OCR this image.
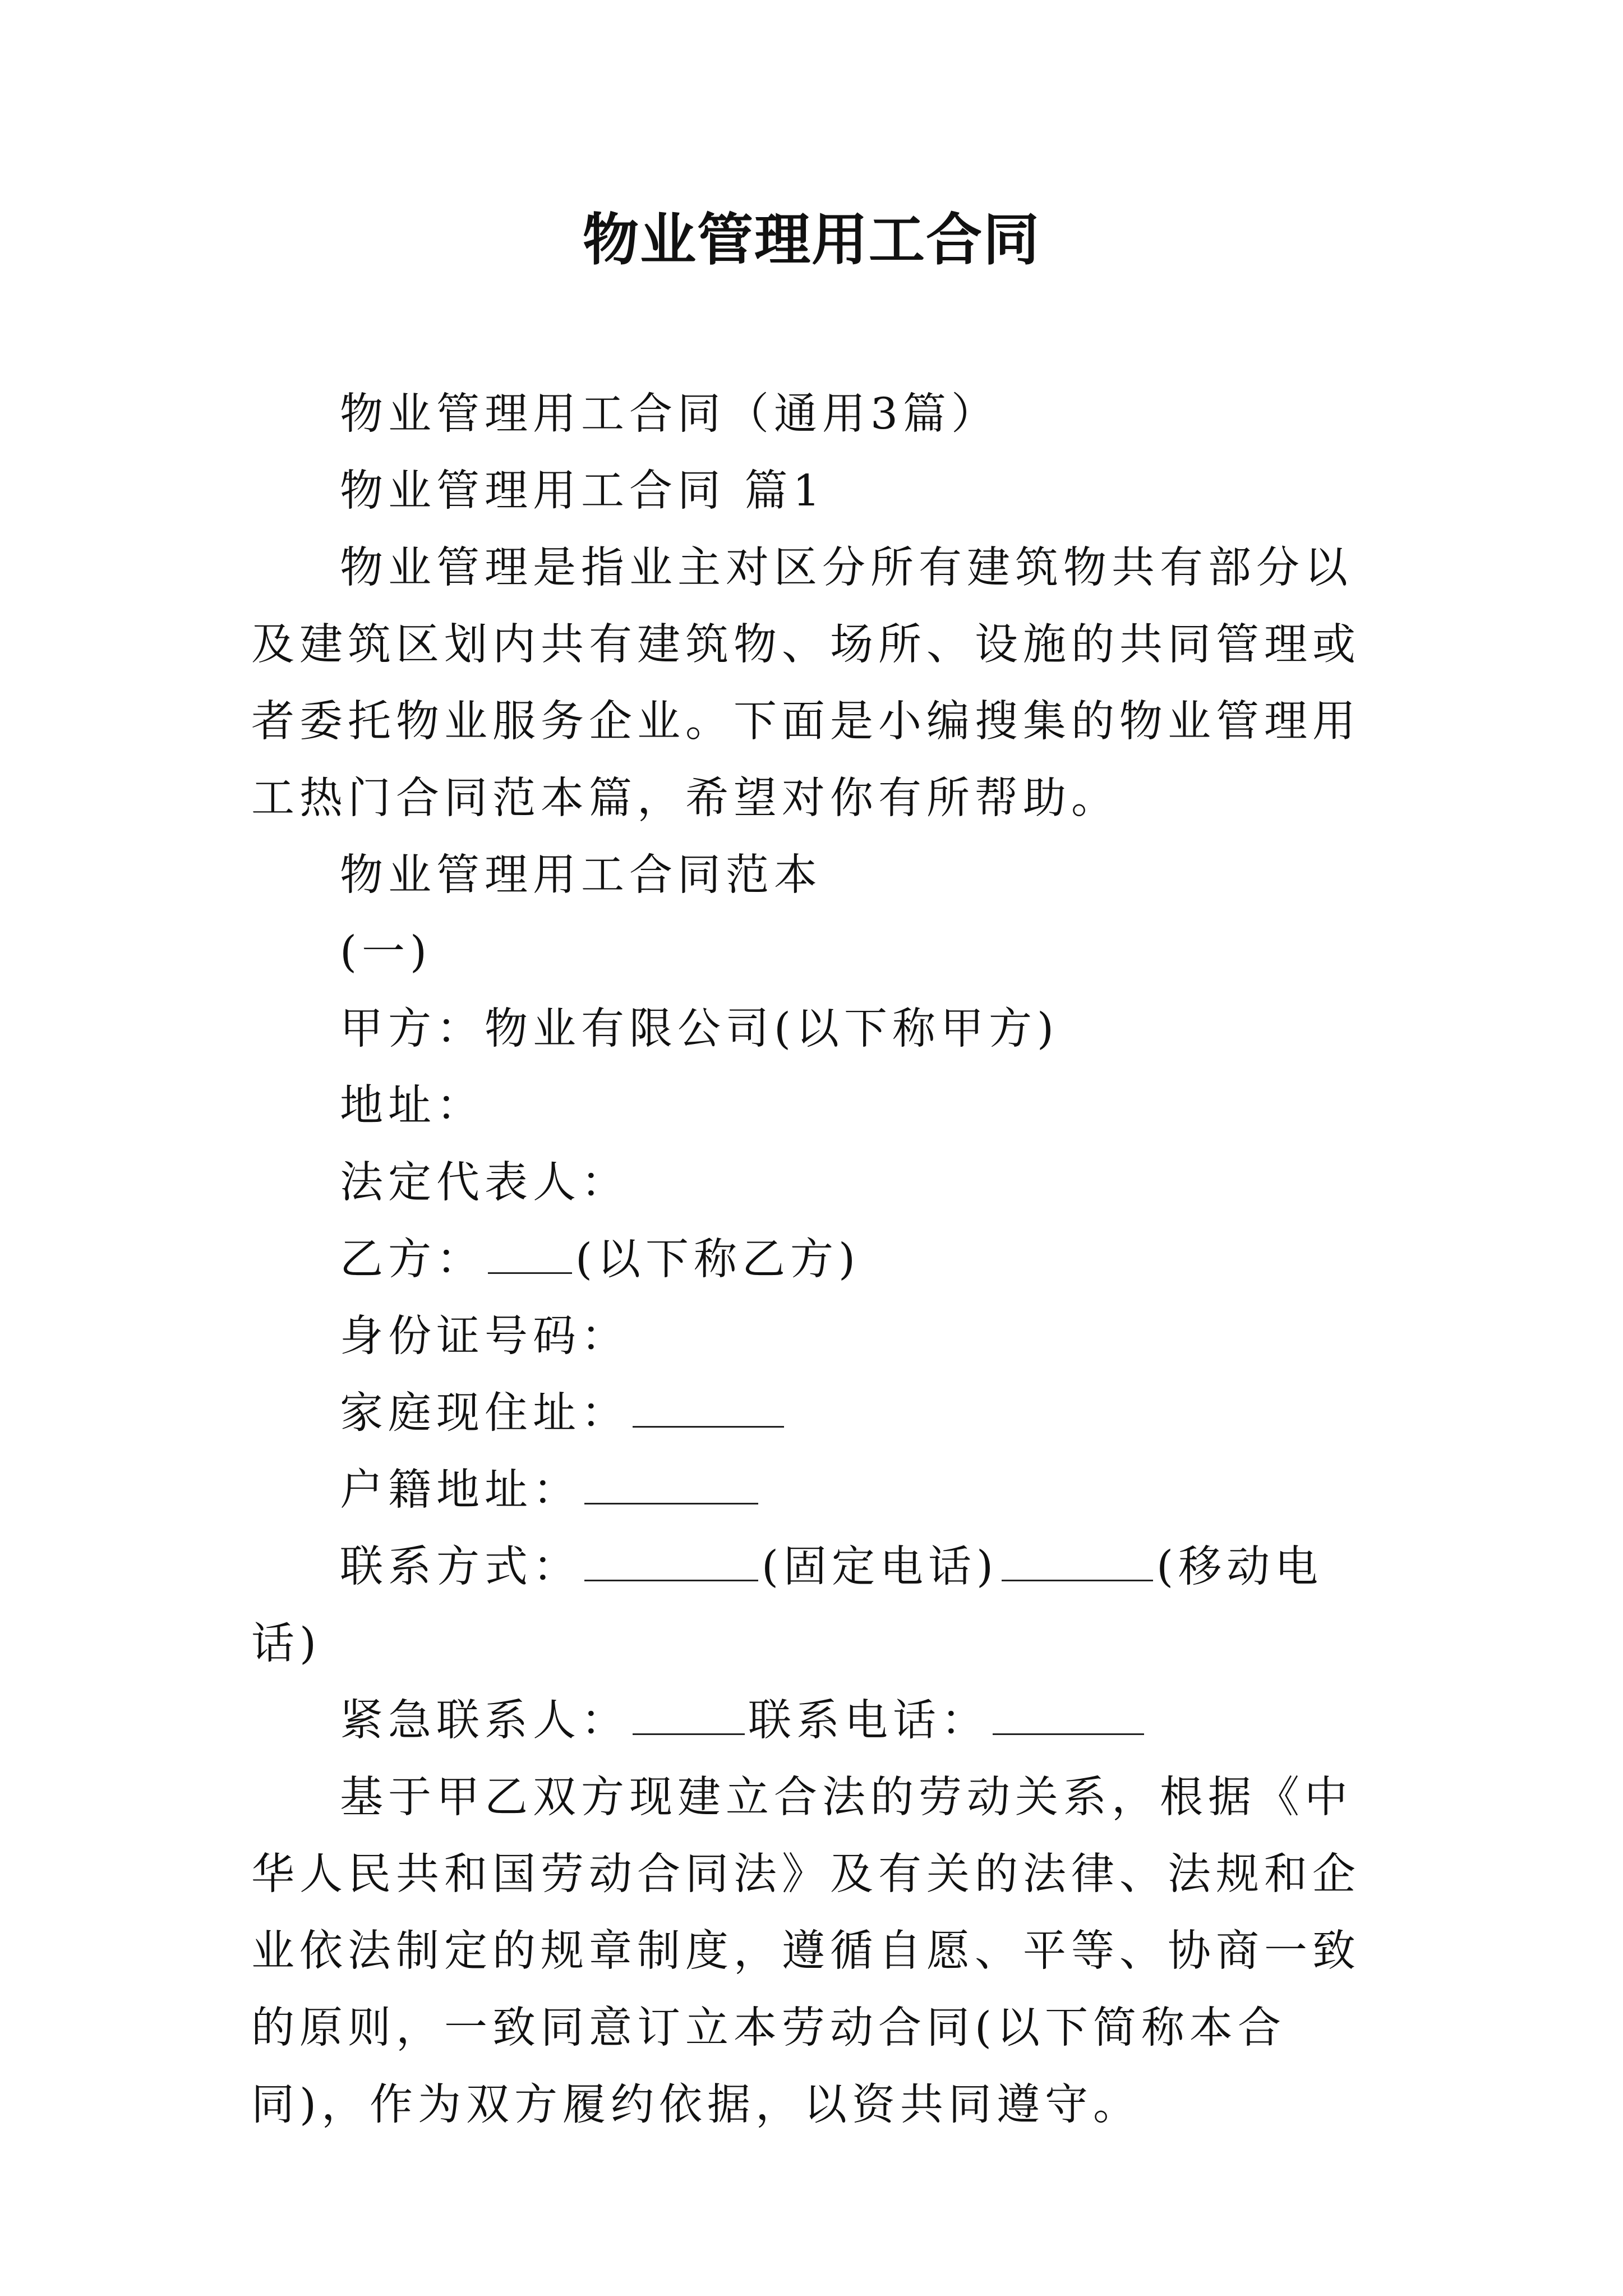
物业管理用工合同

物业管理用工合同（通用3篇）

物业管理用工合同 篇1

物业管理是指业主对区分所有建筑物共有部分以及建筑区划内共有建筑物、场所、设施的共同管理或者委托物业服务企业。下面是小编搜集的物业管理用工热门合同范本篇，希望对你有所帮助。

物业管理用工合同范本

(一)

甲方：物业有限公司(以下称甲方)

地址：

法定代表人：

乙方： (以下称乙方)

身份证号码：

家庭现住址：

户籍地址：

联系方式：	(固定电话)	(移动电话)

紧急联系人：	联系电话：

基于甲乙双方现建立合法的劳动关系，根据《中华人民共和国劳动合同法》及有关的法律、法规和企业依法制定的规章制度，遵循自愿、平等、协商一致的原则，一致同意订立本劳动合同(以下简称本合同)，作为双方履约依据，以资共同遵守。
